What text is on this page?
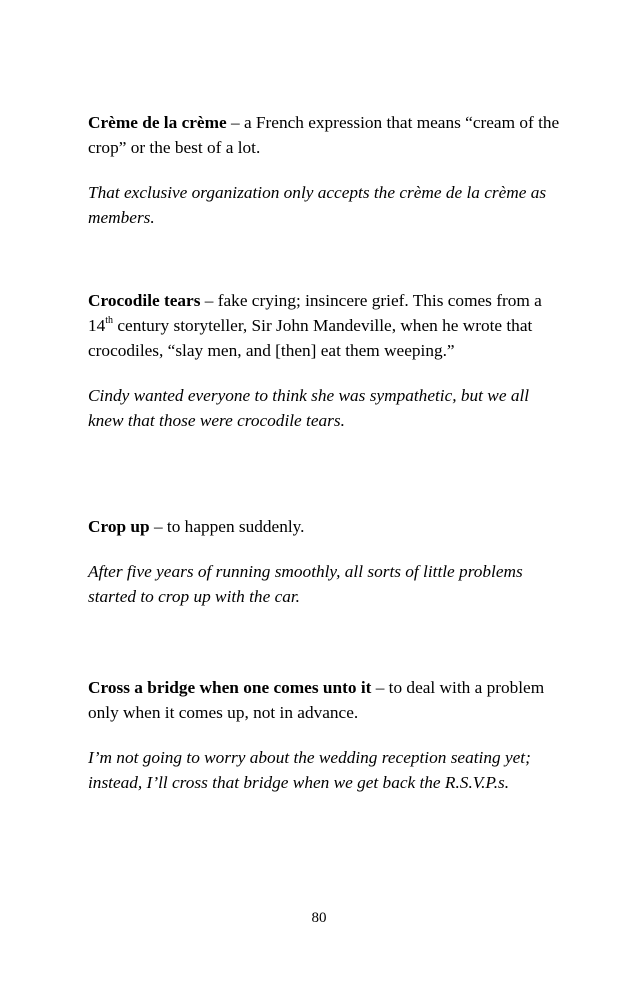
Crème de la crème – a French expression that means “cream of the crop” or the best of a lot.

That exclusive organization only accepts the crème de la crème as members.

Crocodile tears – fake crying; insincere grief. This comes from a 14th century storyteller, Sir John Mandeville, when he wrote that crocodiles, “slay men, and [then] eat them weeping.”

Cindy wanted everyone to think she was sympathetic, but we all knew that those were crocodile tears.

Crop up – to happen suddenly.

After five years of running smoothly, all sorts of little problems started to crop up with the car.

Cross a bridge when one comes unto it – to deal with a problem only when it comes up, not in advance.

I’m not going to worry about the wedding reception seating yet; instead, I’ll cross that bridge when we get back the R.S.V.P.s.

80
